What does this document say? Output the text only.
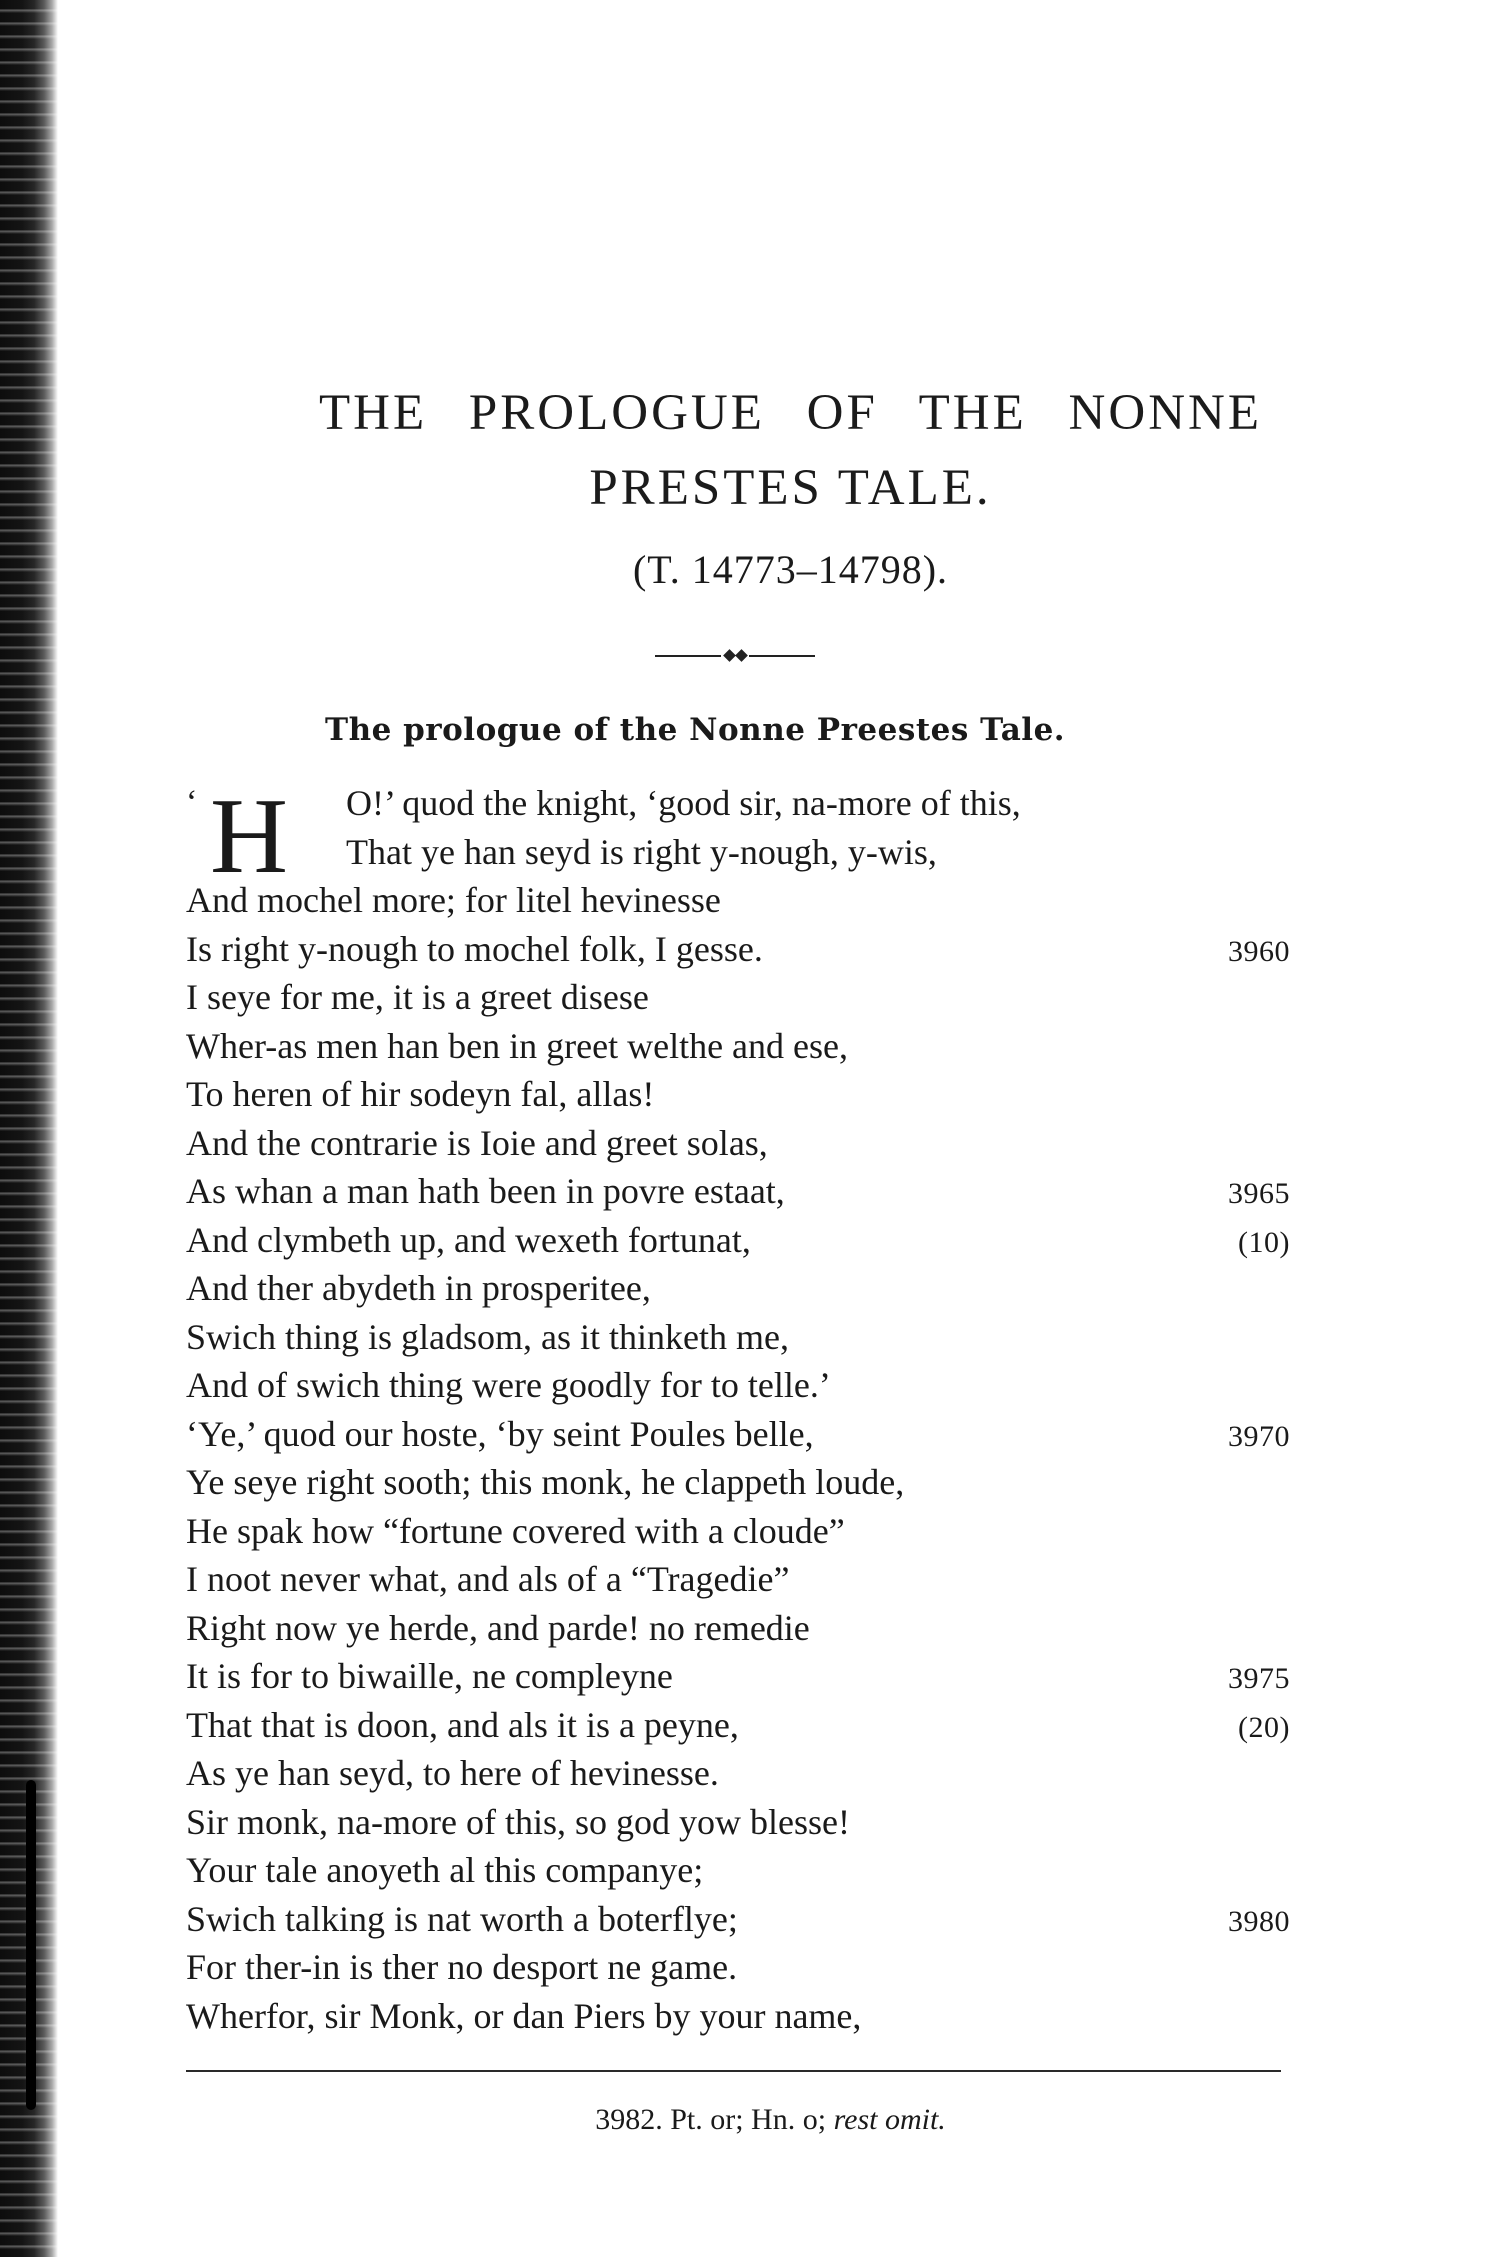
THE PROLOGUE OF THE NONNE
PRESTES TALE.
(T. 14773–14798).
The prologue of the Nonne Preestes Tale.
‘ H O!’ quod the knight, ‘good sir, na-more of this,
That ye han seyd is right y-nough, y-wis,
And mochel more; for litel hevinesse
Is right y-nough to mochel folk, I gesse.	3960
I seye for me, it is a greet disese
Wher-as men han ben in greet welthe and ese,
To heren of hir sodeyn fal, allas!
And the contrarie is Ioie and greet solas,
As whan a man hath been in povre estaat,	3965
And clymbeth up, and wexeth fortunat,	(10)
And ther abydeth in prosperitee,
Swich thing is gladsom, as it thinketh me,
And of swich thing were goodly for to telle.’
‘Ye,’ quod our hoste, ‘by seint Poules belle,	3970
Ye seye right sooth; this monk, he clappeth loude,
He spak how “fortune covered with a cloude”
I noot never what, and als of a “Tragedie”
Right now ye herde, and parde! no remedie
It is for to biwaille, ne compleyne	3975
That that is doon, and als it is a peyne,	(20)
As ye han seyd, to here of hevinesse.
Sir monk, na-more of this, so god yow blesse!
Your tale anoyeth al this companye;
Swich talking is nat worth a boterflye;	3980
For ther-in is ther no desport ne game.
Wherfor, sir Monk, or dan Piers by your name,
3982. Pt. or; Hn. o; rest omit.
